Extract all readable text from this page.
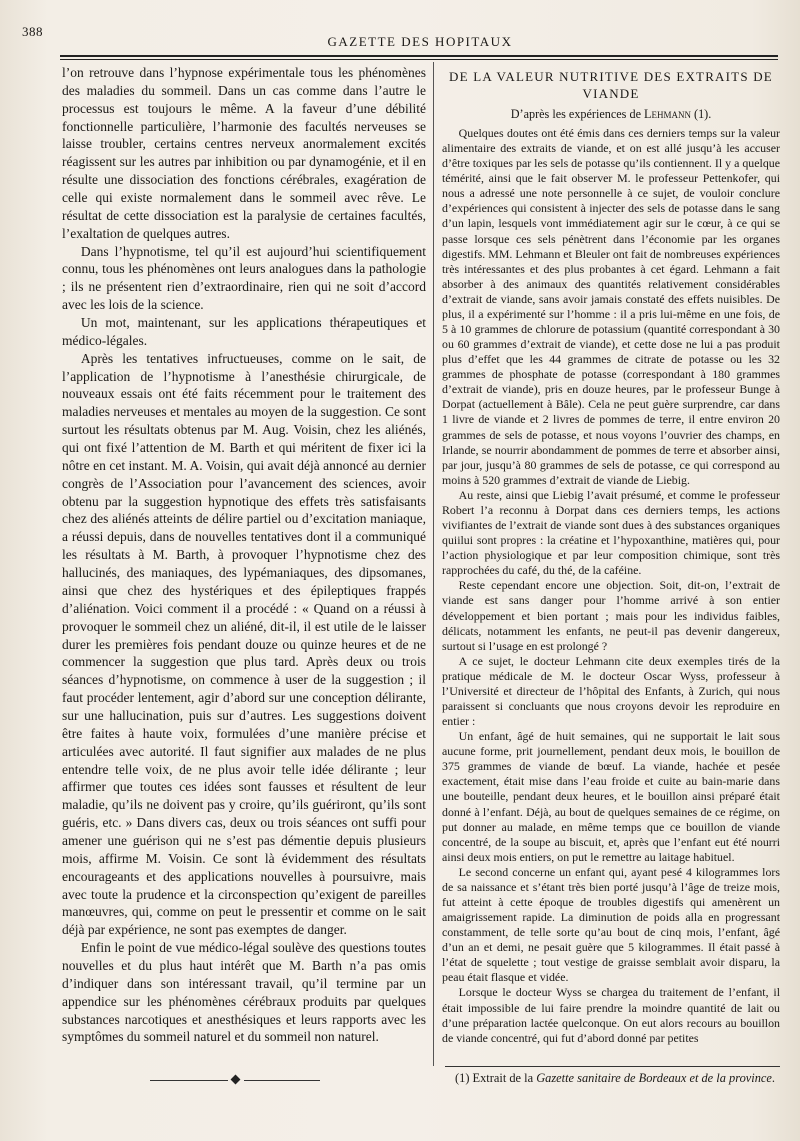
388
GAZETTE DES HOPITAUX

l’on retrouve dans l’hypnose expérimentale tous les phénomènes des maladies du sommeil. Dans un cas comme dans l’autre le processus est toujours le même. A la faveur d’une débilité fonctionnelle particulière, l’harmonie des facultés nerveuses se laisse troubler, certains centres nerveux anormalement excités réagissent sur les autres par inhibition ou par dynamogénie, et il en résulte une dissociation des fonctions cérébrales, exagération de celle qui existe normalement dans le sommeil avec rêve. Le résultat de cette dissociation est la paralysie de certaines facultés, l’exaltation de quelques autres.

Dans l’hypnotisme, tel qu’il est aujourd’hui scientifiquement connu, tous les phénomènes ont leurs analogues dans la pathologie ; ils ne présentent rien d’extraordinaire, rien qui ne soit d’accord avec les lois de la science.

Un mot, maintenant, sur les applications thérapeutiques et médico-légales.

Après les tentatives infructueuses, comme on le sait, de l’application de l’hypnotisme à l’anesthésie chirurgicale, de nouveaux essais ont été faits récemment pour le traitement des maladies nerveuses et mentales au moyen de la suggestion. Ce sont surtout les résultats obtenus par M. Aug. Voisin, chez les aliénés, qui ont fixé l’attention de M. Barth et qui méritent de fixer ici la nôtre en cet instant. M. A. Voisin, qui avait déjà annoncé au dernier congrès de l’Association pour l’avancement des sciences, avoir obtenu par la suggestion hypnotique des effets très satisfaisants chez des aliénés atteints de délire partiel ou d’excitation maniaque, a réussi depuis, dans de nouvelles tentatives dont il a communiqué les résultats à M. Barth, à provoquer l’hypnotisme chez des hallucinés, des maniaques, des lypémaniaques, des dipsomanes, ainsi que chez des hystériques et des épileptiques frappés d’aliénation. Voici comment il a procédé : « Quand on a réussi à provoquer le sommeil chez un aliéné, dit-il, il est utile de le laisser durer les premières fois pendant douze ou quinze heures et de ne commencer la suggestion que plus tard. Après deux ou trois séances d’hypnotisme, on commence à user de la suggestion ; il faut procéder lentement, agir d’abord sur une conception délirante, sur une hallucination, puis sur d’autres. Les suggestions doivent être faites à haute voix, formulées d’une manière précise et articulées avec autorité. Il faut signifier aux malades de ne plus entendre telle voix, de ne plus avoir telle idée délirante ; leur affirmer que toutes ces idées sont fausses et résultent de leur maladie, qu’ils ne doivent pas y croire, qu’ils guériront, qu’ils sont guéris, etc. » Dans divers cas, deux ou trois séances ont suffi pour amener une guérison qui ne s’est pas démentie depuis plusieurs mois, affirme M. Voisin. Ce sont là évidemment des résultats encourageants et des applications nouvelles à poursuivre, mais avec toute la prudence et la circonspection qu’exigent de pareilles manœuvres, qui, comme on peut le pressentir et comme on le sait déjà par expérience, ne sont pas exemptes de danger.

Enfin le point de vue médico-légal soulève des questions toutes nouvelles et du plus haut intérêt que M. Barth n’a pas omis d’indiquer dans son intéressant travail, qu’il termine par un appendice sur les phénomènes cérébraux produits par quelques substances narcotiques et anesthésiques et leurs rapports avec les symptômes du sommeil naturel et du sommeil non naturel.

DE LA VALEUR NUTRITIVE DES EXTRAITS DE VIANDE
D’après les expériences de Lehmann (1).

Quelques doutes ont été émis dans ces derniers temps sur la valeur alimentaire des extraits de viande, et on est allé jusqu’à les accuser d’être toxiques par les sels de potasse qu’ils contiennent. Il y a quelque témérité, ainsi que le fait observer M. le professeur Pettenkofer, qui nous a adressé une note personnelle à ce sujet, de vouloir conclure d’expériences qui consistent à injecter des sels de potasse dans le sang d’un lapin, lesquels vont immédiatement agir sur le cœur, à ce qui se passe lorsque ces sels pénètrent dans l’économie par les organes digestifs. MM. Lehmann et Bleuler ont fait de nombreuses expériences très intéressantes et des plus probantes à cet égard. Lehmann a fait absorber à des animaux des quantités relativement considérables d’extrait de viande, sans avoir jamais constaté des effets nuisibles. De plus, il a expérimenté sur l’homme : il a pris lui-même en une fois, de 5 à 10 grammes de chlorure de potassium (quantité correspondant à 30 ou 60 grammes d’extrait de viande), et cette dose ne lui a pas produit plus d’effet que les 44 grammes de citrate de potasse ou les 32 grammes de phosphate de potasse (correspondant à 180 grammes d’extrait de viande), pris en douze heures, par le professeur Bunge à Dorpat (actuellement à Bâle). Cela ne peut guère surprendre, car dans 1 livre de viande et 2 livres de pommes de terre, il entre environ 20 grammes de sels de potasse, et nous voyons l’ouvrier des champs, en Irlande, se nourrir abondamment de pommes de terre et absorber ainsi, par jour, jusqu’à 80 grammes de sels de potasse, ce qui correspond au moins à 520 grammes d’extrait de viande de Liebig.

Au reste, ainsi que Liebig l’avait présumé, et comme le professeur Robert l’a reconnu à Dorpat dans ces derniers temps, les actions vivifiantes de l’extrait de viande sont dues à des substances organiques quiilui sont propres : la créatine et l’hypoxanthine, matières qui, pour l’action physiologique et par leur composition chimique, sont très rapprochées du café, du thé, de la caféine.

Reste cependant encore une objection. Soit, dit-on, l’extrait de viande est sans danger pour l’homme arrivé à son entier développement et bien portant ; mais pour les individus faibles, délicats, notamment les enfants, ne peut-il pas devenir dangereux, surtout si l’usage en est prolongé ?

A ce sujet, le docteur Lehmann cite deux exemples tirés de la pratique médicale de M. le docteur Oscar Wyss, professeur à l’Université et directeur de l’hôpital des Enfants, à Zurich, qui nous paraissent si concluants que nous croyons devoir les reproduire en entier :

Un enfant, âgé de huit semaines, qui ne supportait le lait sous aucune forme, prit journellement, pendant deux mois, le bouillon de 375 grammes de viande de bœuf. La viande, hachée et pesée exactement, était mise dans l’eau froide et cuite au bain-marie dans une bouteille, pendant deux heures, et le bouillon ainsi préparé était donné à l’enfant. Déjà, au bout de quelques semaines de ce régime, on put donner au malade, en même temps que ce bouillon de viande concentré, de la soupe au biscuit, et, après que l’enfant eut été nourri ainsi deux mois entiers, on put le remettre au laitage habituel.

Le second concerne un enfant qui, ayant pesé 4 kilogrammes lors de sa naissance et s’étant très bien porté jusqu’à l’âge de treize mois, fut atteint à cette époque de troubles digestifs qui amenèrent un amaigrissement rapide. La diminution de poids alla en progressant constamment, de telle sorte qu’au bout de cinq mois, l’enfant, âgé d’un an et demi, ne pesait guère que 5 kilogrammes. Il était passé à l’état de squelette ; tout vestige de graisse semblait avoir disparu, la peau était flasque et vidée.

Lorsque le docteur Wyss se chargea du traitement de l’enfant, il était impossible de lui faire prendre la moindre quantité de lait ou d’une préparation lactée quelconque. On eut alors recours au bouillon de viande concentré, qui fut d’abord donné par petites

(1) Extrait de la Gazette sanitaire de Bordeaux et de la province.
